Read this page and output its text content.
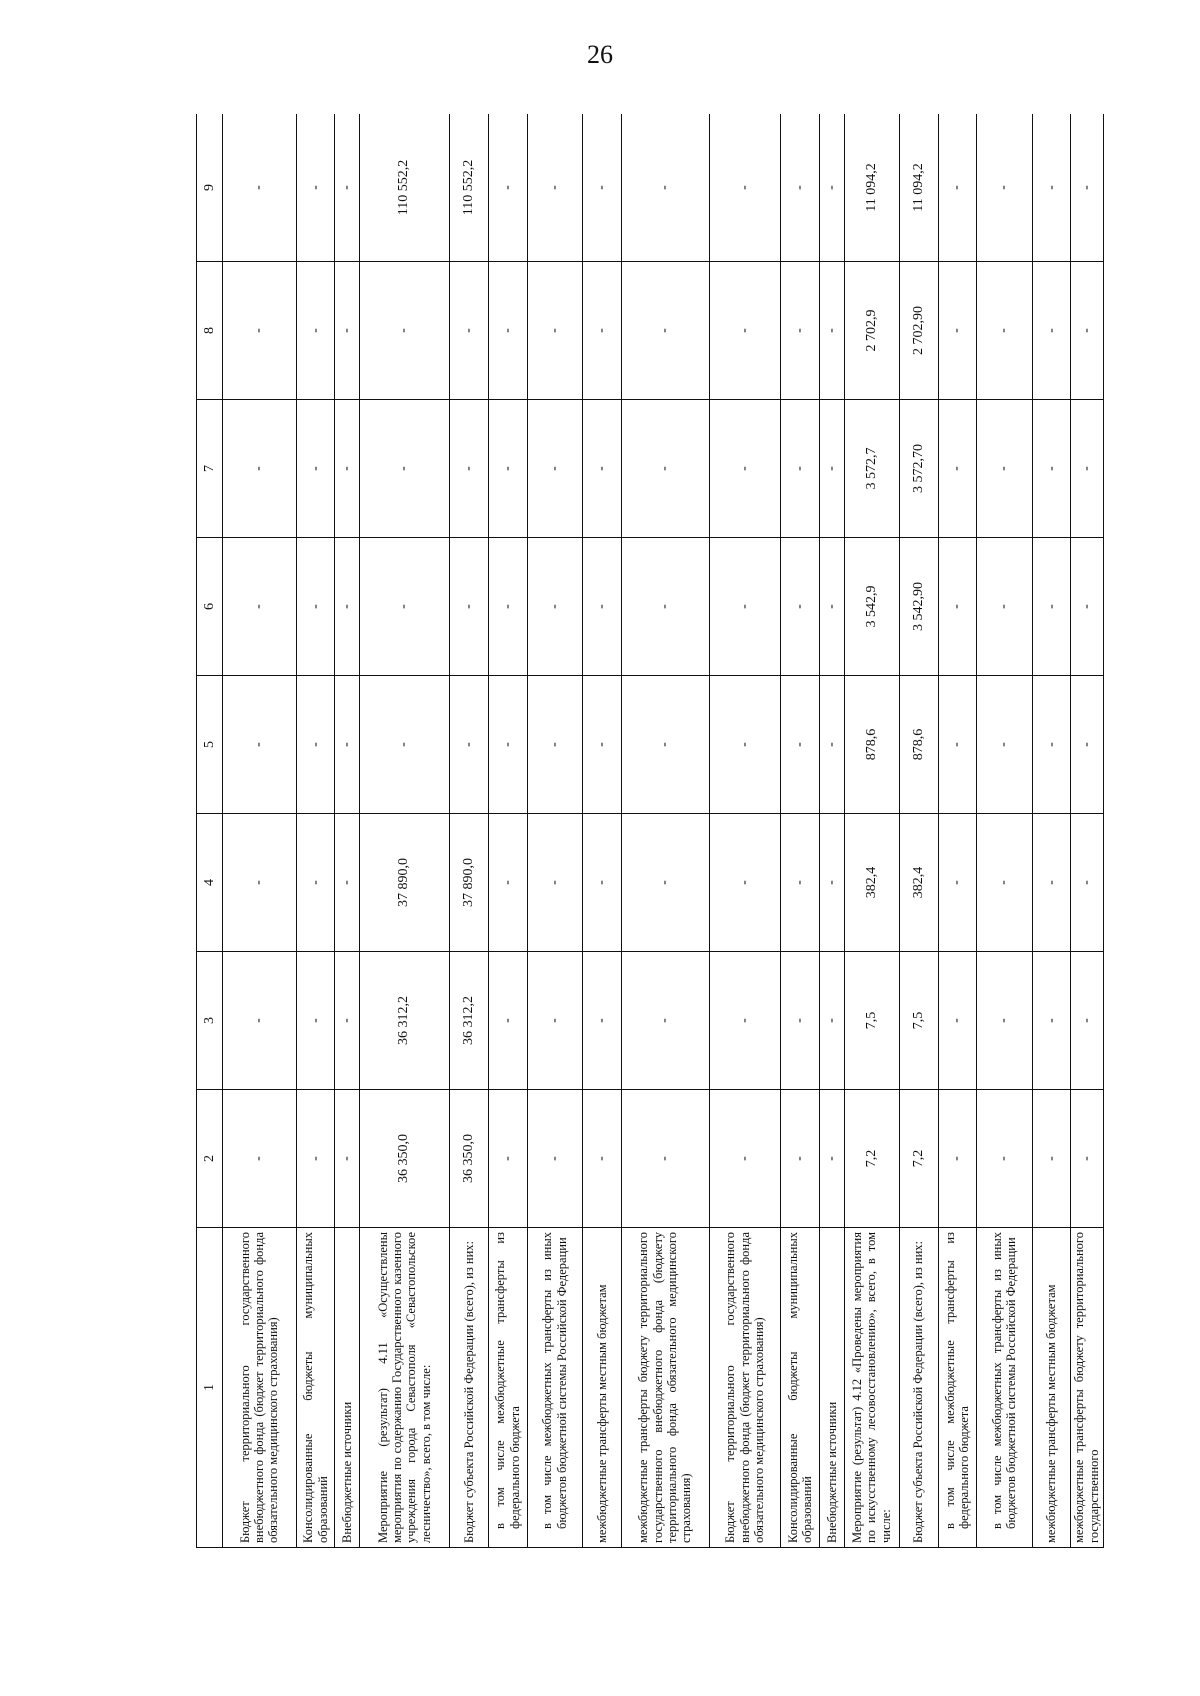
26
1	2	3	4	5	6	7	8	9
Бюджет территориального государственного внебюджетного фонда (бюджет территориального фонда обязательного медицинского страхования)	-	-	-	-	-	-	-	-
Консолидированные бюджеты муниципальных образований	-	-	-	-	-	-	-	-
Внебюджетные источники	-	-	-	-	-	-	-	-
Мероприятие (результат) 4.11 «Осуществлены мероприятия по содержанию Государственного казенного учреждения города Севастополя «Севастопольское лесничество», всего, в том числе:	36 350,0	36 312,2	37 890,0	-	-	-	-	110 552,2
Бюджет субъекта Российской Федерации (всего), из них:	36 350,0	36 312,2	37 890,0	-	-	-	-	110 552,2
в том числе межбюджетные трансферты из федерального бюджета	-	-	-	-	-	-	-	-
в том числе межбюджетных трансферты из иных бюджетов бюджетной системы Российской Федерации	-	-	-	-	-	-	-	-
межбюджетные трансферты местным бюджетам	-	-	-	-	-	-	-	-
межбюджетные трансферты бюджету территориального государственного внебюджетного фонда (бюджету территориального фонда обязательного медицинского страхования)	-	-	-	-	-	-	-	-
Бюджет территориального государственного внебюджетного фонда (бюджет территориального фонда обязательного медицинского страхования)	-	-	-	-	-	-	-	-
Консолидированные бюджеты муниципальных образований	-	-	-	-	-	-	-	-
Внебюджетные источники	-	-	-	-	-	-	-	-
Мероприятие (результат) 4.12 «Проведены мероприятия по искусственному лесовосстановлению», всего, в том числе:	7,2	7,5	382,4	878,6	3 542,9	3 572,7	2 702,9	11 094,2
Бюджет субъекта Российской Федерации (всего), из них:	7,2	7,5	382,4	878,6	3 542,90	3 572,70	2 702,90	11 094,2
в том числе межбюджетные трансферты из федерального бюджета	-	-	-	-	-	-	-	-
в том числе межбюджетных трансферты из иных бюджетов бюджетной системы Российской Федерации	-	-	-	-	-	-	-	-
межбюджетные трансферты местным бюджетам	-	-	-	-	-	-	-	-
межбюджетные трансферты бюджету территориального государственного	-	-	-	-	-	-	-	-
